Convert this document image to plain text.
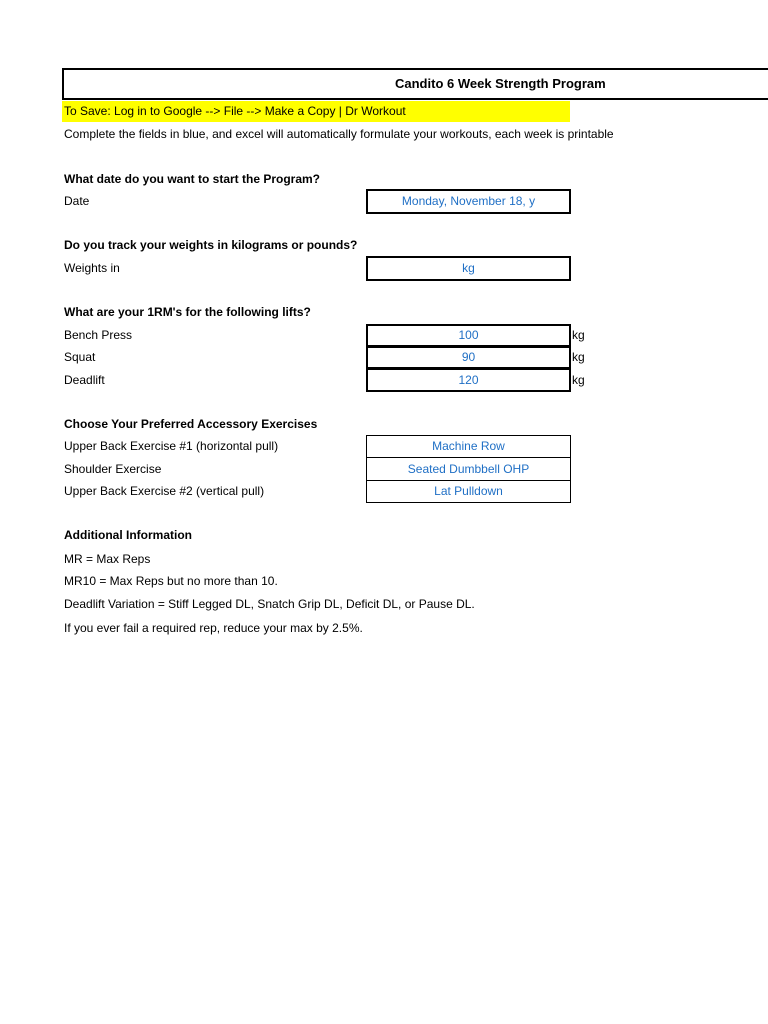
Candito 6 Week Strength Program
To Save: Log in to Google --> File --> Make a Copy | Dr Workout
Complete the fields in blue, and excel will automatically formulate your workouts, each week is printable
What date do you want to start the Program?
Date	Monday, November 18, y
Do you track your weights in kilograms or pounds?
Weights in	kg
What are your 1RM's for the following lifts?
Bench Press	100	kg
Squat	90	kg
Deadlift	120	kg
Choose Your Preferred Accessory Exercises
Upper Back Exercise #1 (horizontal pull)	Machine Row
Shoulder Exercise	Seated Dumbbell OHP
Upper Back Exercise #2 (vertical pull)	Lat Pulldown
Additional Information
MR = Max Reps
MR10 = Max Reps but no more than 10.
Deadlift Variation = Stiff Legged DL, Snatch Grip DL, Deficit DL, or Pause DL.
If you ever fail a required rep, reduce your max by 2.5%.
